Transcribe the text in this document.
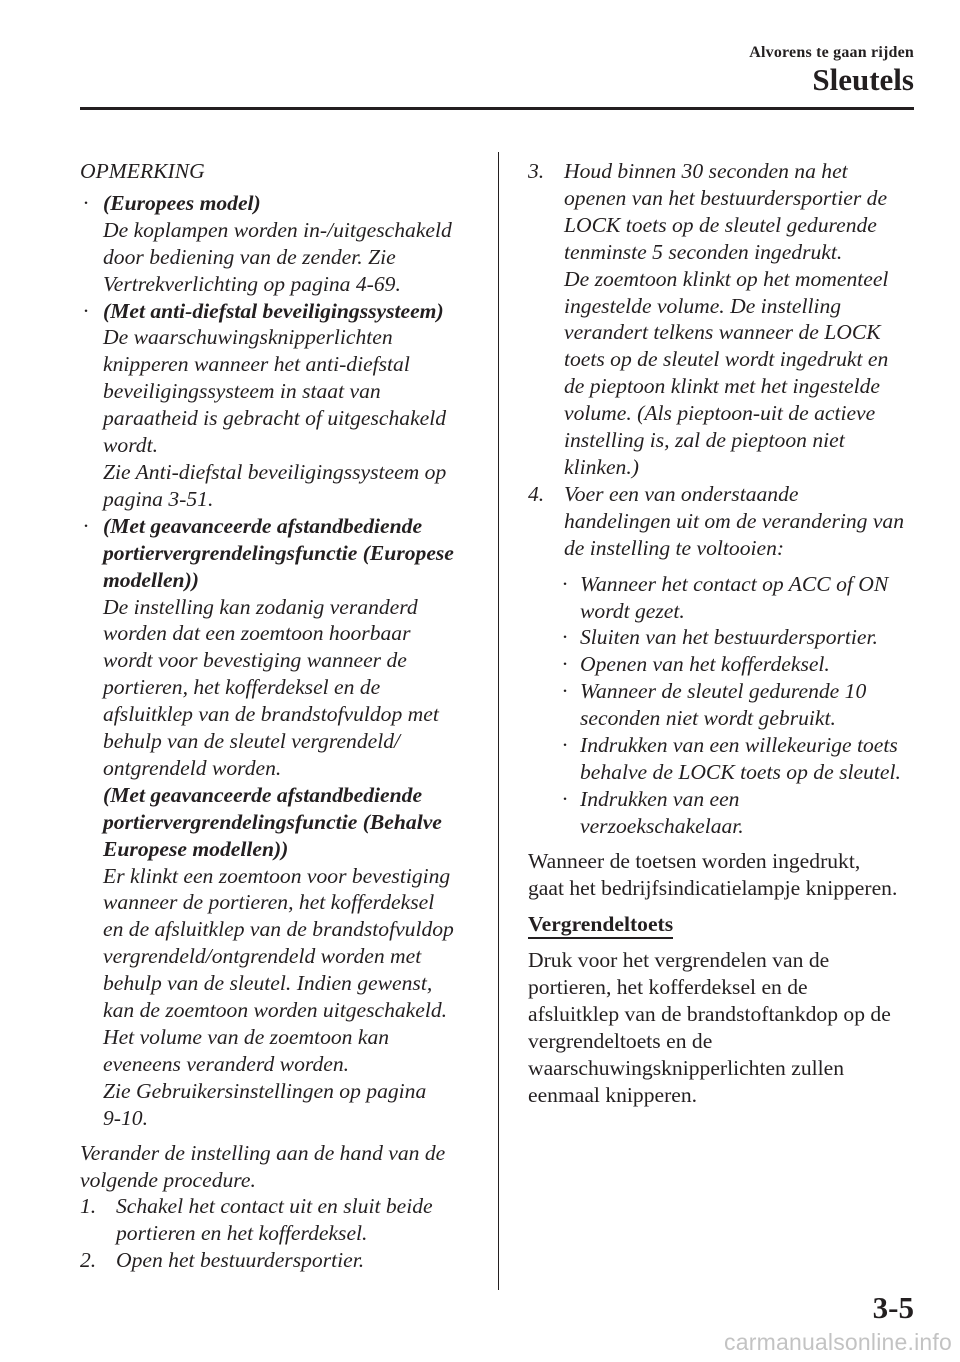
Alvorens te gaan rijden
Sleutels
OPMERKING
· (Europees model)
De koplampen worden in-/uitgeschakeld
door bediening van de zender. Zie
Vertrekverlichting op pagina 4-69.
· (Met anti-diefstal beveiligingssysteem)
De waarschuwingsknipperlichten
knipperen wanneer het anti-diefstal
beveiligingssysteem in staat van
paraatheid is gebracht of uitgeschakeld
wordt.
Zie Anti-diefstal beveiligingssysteem op
pagina 3-51.
· (Met geavanceerde afstandbediende
portiervergrendelingsfunctie (Europese
modellen))
De instelling kan zodanig veranderd
worden dat een zoemtoon hoorbaar
wordt voor bevestiging wanneer de
portieren, het kofferdeksel en de
afsluitklep van de brandstofvuldop met
behulp van de sleutel vergrendeld/
ontgrendeld worden.
(Met geavanceerde afstandbediende
portiervergrendelingsfunctie (Behalve
Europese modellen))
Er klinkt een zoemtoon voor bevestiging
wanneer de portieren, het kofferdeksel
en de afsluitklep van de brandstofvuldop
vergrendeld/ontgrendeld worden met
behulp van de sleutel. Indien gewenst,
kan de zoemtoon worden uitgeschakeld.
Het volume van de zoemtoon kan
eveneens veranderd worden.
Zie Gebruikersinstellingen op pagina
9-10.
Verander de instelling aan de hand van de
volgende procedure.
1. Schakel het contact uit en sluit beide
portieren en het kofferdeksel.
2. Open het bestuurdersportier.
3. Houd binnen 30 seconden na het
openen van het bestuurdersportier de
LOCK toets op de sleutel gedurende
tenminste 5 seconden ingedrukt.
De zoemtoon klinkt op het momenteel
ingestelde volume. De instelling
verandert telkens wanneer de LOCK
toets op de sleutel wordt ingedrukt en
de pieptoon klinkt met het ingestelde
volume. (Als pieptoon-uit de actieve
instelling is, zal de pieptoon niet
klinken.)
4. Voer een van onderstaande
handelingen uit om de verandering van
de instelling te voltooien:
· Wanneer het contact op ACC of ON
wordt gezet.
· Sluiten van het bestuurdersportier.
· Openen van het kofferdeksel.
· Wanneer de sleutel gedurende 10
seconden niet wordt gebruikt.
· Indrukken van een willekeurige toets
behalve de LOCK toets op de sleutel.
· Indrukken van een
verzoekschakelaar.
Wanneer de toetsen worden ingedrukt,
gaat het bedrijfsindicatielampje knipperen.
Vergrendeltoets
Druk voor het vergrendelen van de
portieren, het kofferdeksel en de
afsluitklep van de brandstoftankdop op de
vergrendeltoets en de
waarschuwingsknipperlichten zullen
eenmaal knipperen.
3-5
carmanualsonline.info
